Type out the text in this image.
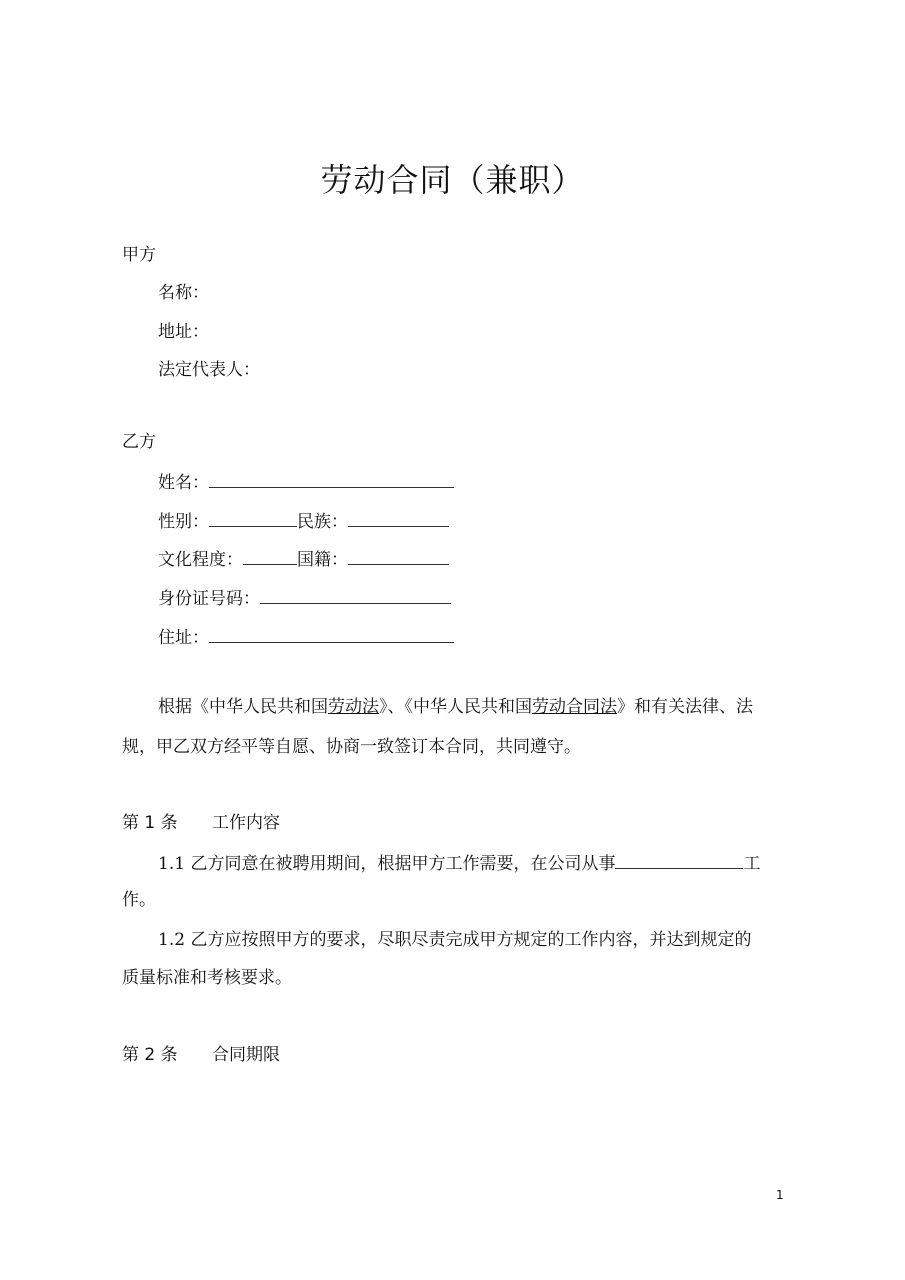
劳动合同（兼职）
甲方
名称：
地址：
法定代表人：
乙方
姓名：
性别：	民族：
文化程度：	国籍：
身份证号码：
住址：
根据《中华人民共和国劳动法》、《中华人民共和国劳动合同法》和有关法律、法
规，甲乙双方经平等自愿、协商一致签订本合同，共同遵守。
第 1 条 工作内容
1.1 乙方同意在被聘用期间，根据甲方工作需要，在公司从事	工
作。
1.2 乙方应按照甲方的要求，尽职尽责完成甲方规定的工作内容，并达到规定的
质量标准和考核要求。
第 2 条 合同期限
1
